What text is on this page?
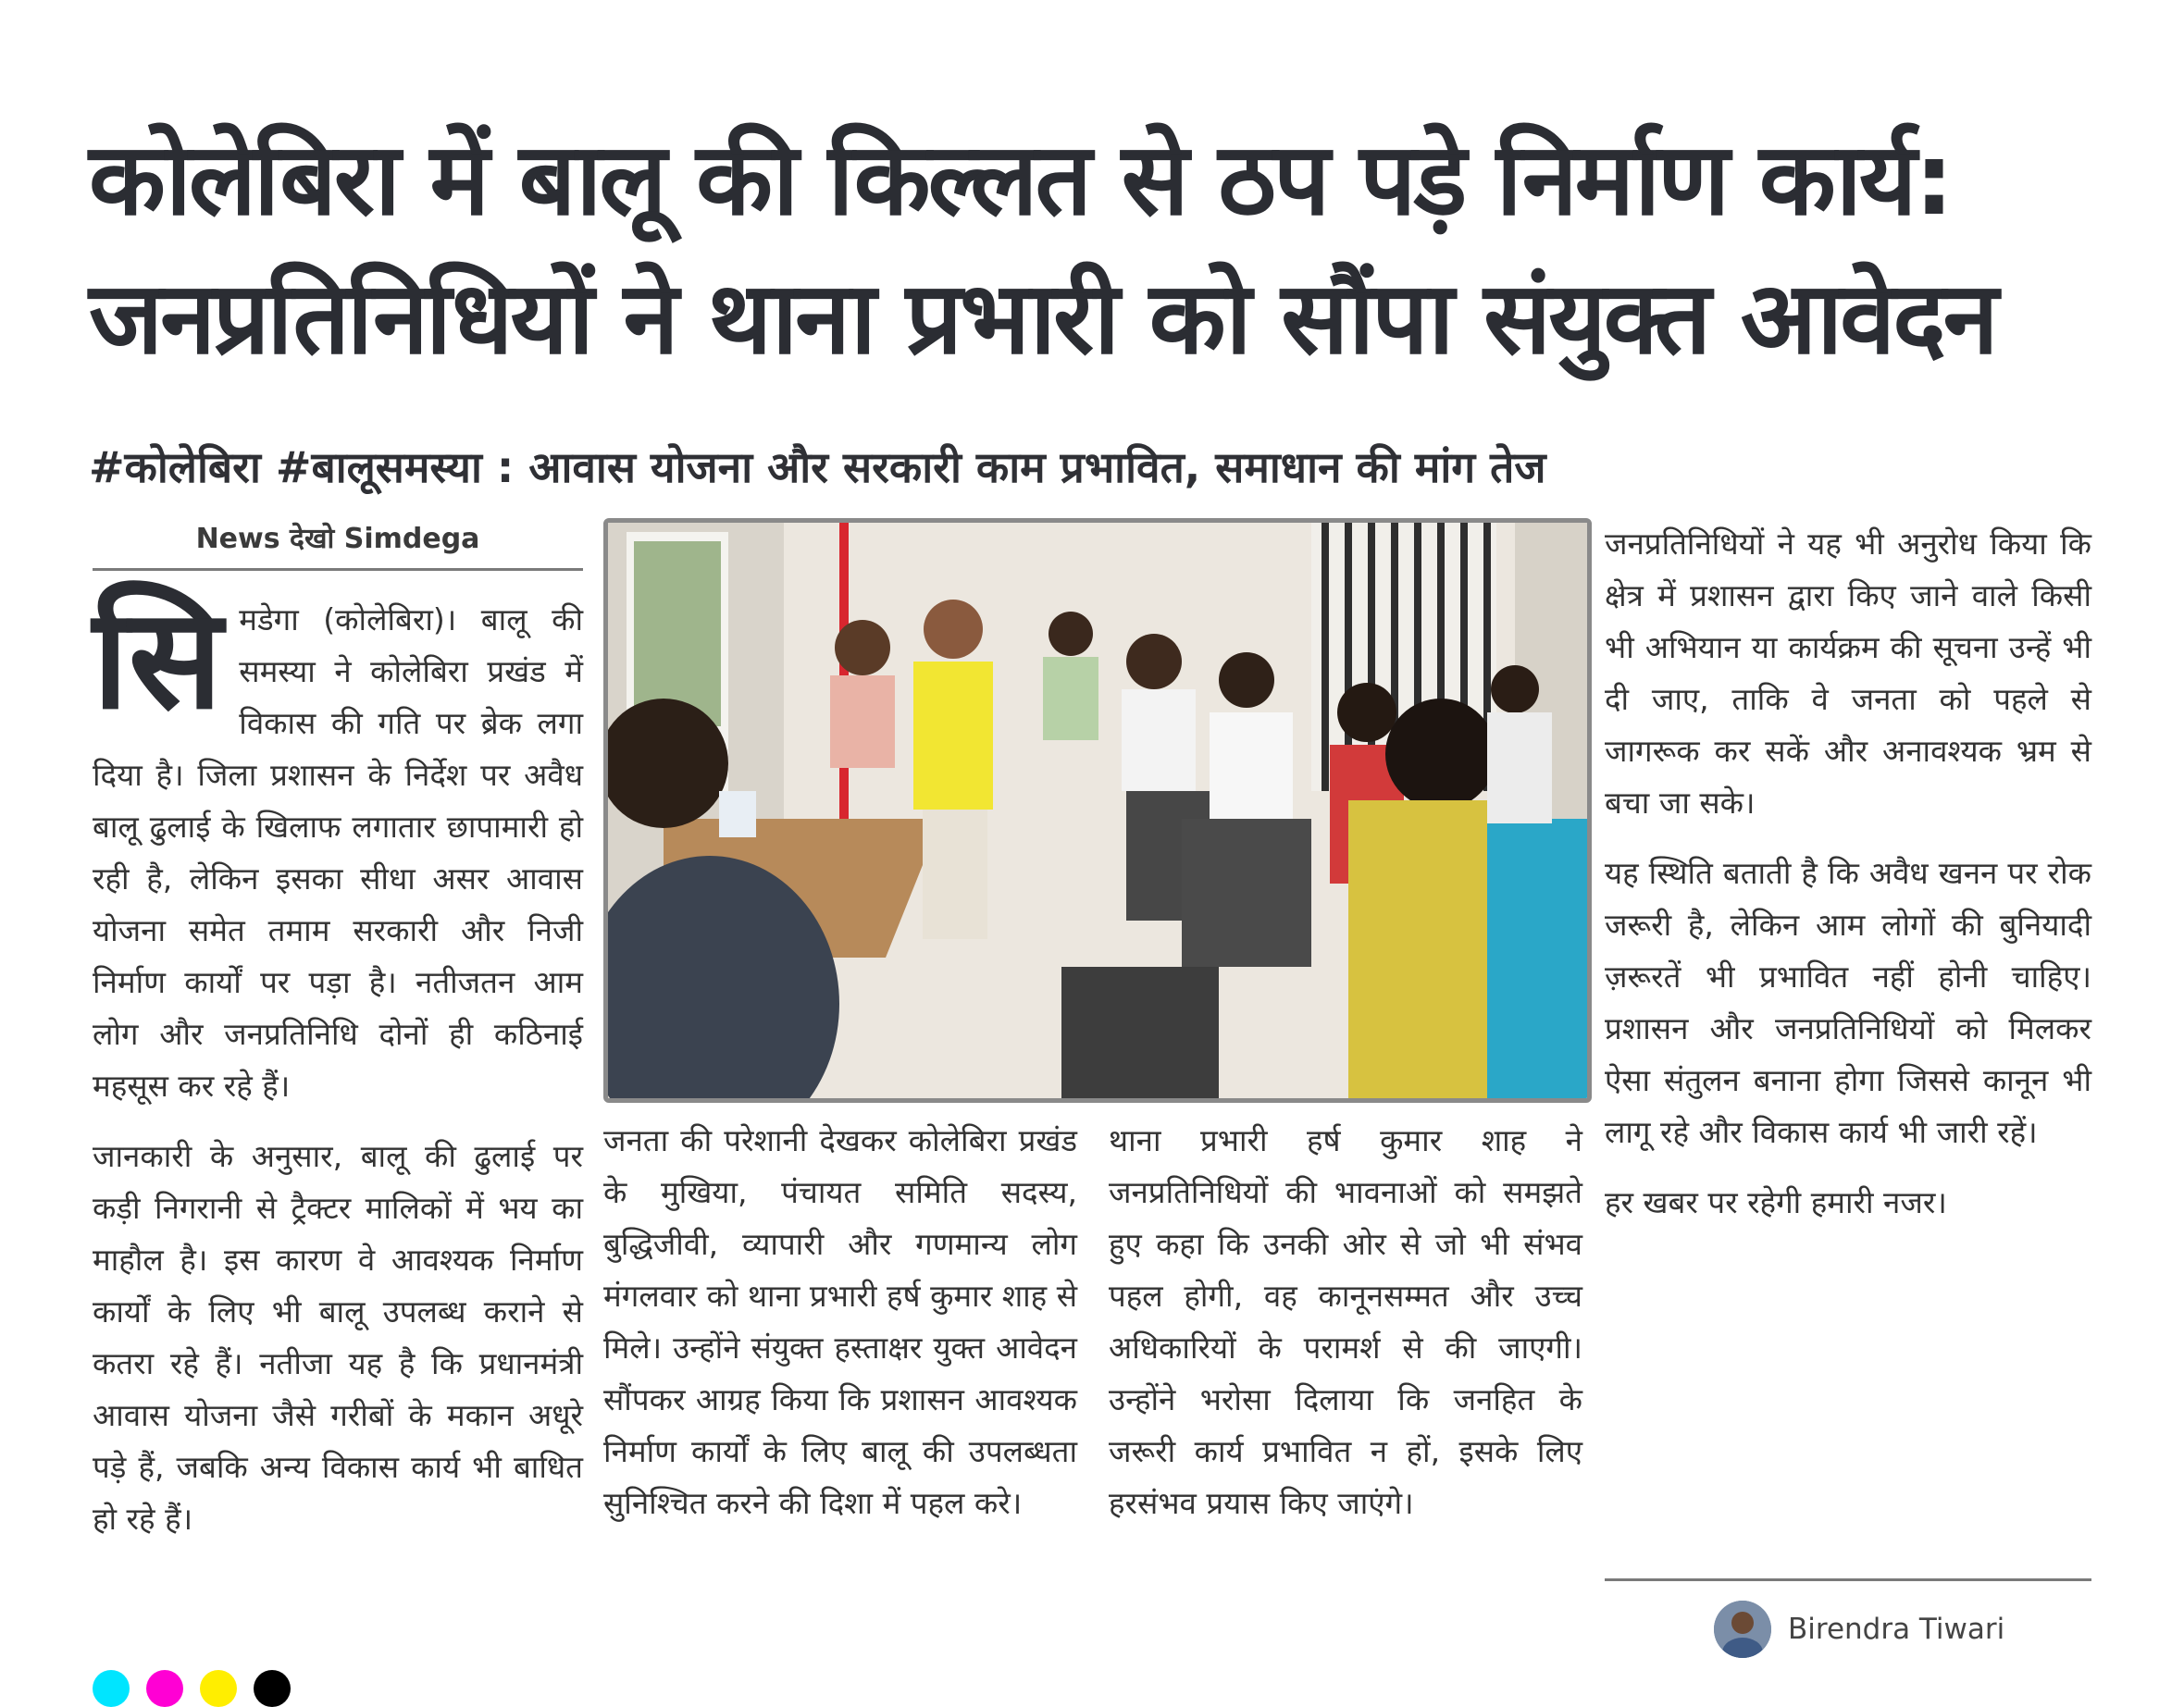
कोलेबिरा में बालू की किल्लत से ठप पड़े निर्माण कार्य:
जनप्रतिनिधियों ने थाना प्रभारी को सौंपा संयुक्त आवेदन
#कोलेबिरा #बालूसमस्या : आवास योजना और सरकारी काम प्रभावित, समाधान की मांग तेज
News देखो Simdega

सि मडेगा (कोलेबिरा)। बालू की समस्या ने कोलेबिरा प्रखंड में विकास की गति पर ब्रेक लगा दिया है। जिला प्रशासन के निर्देश पर अवैध बालू ढुलाई के खिलाफ लगातार छापामारी हो रही है, लेकिन इसका सीधा असर आवास योजना समेत तमाम सरकारी और निजी निर्माण कार्यों पर पड़ा है। नतीजतन आम लोग और जनप्रतिनिधि दोनों ही कठिनाई महसूस कर रहे हैं।

जानकारी के अनुसार, बालू की ढुलाई पर कड़ी निगरानी से ट्रैक्टर मालिकों में भय का माहौल है। इस कारण वे आवश्यक निर्माण कार्यों के लिए भी बालू उपलब्ध कराने से कतरा रहे हैं। नतीजा यह है कि प्रधानमंत्री आवास योजना जैसे गरीबों के मकान अधूरे पड़े हैं, जबकि अन्य विकास कार्य भी बाधित हो रहे हैं।

जनता की परेशानी देखकर कोलेबिरा प्रखंड के मुखिया, पंचायत समिति सदस्य, बुद्धिजीवी, व्यापारी और गणमान्य लोग मंगलवार को थाना प्रभारी हर्ष कुमार शाह से मिले। उन्होंने संयुक्त हस्ताक्षर युक्त आवेदन सौंपकर आग्रह किया कि प्रशासन आवश्यक निर्माण कार्यों के लिए बालू की उपलब्धता सुनिश्चित करने की दिशा में पहल करे।

थाना प्रभारी हर्ष कुमार शाह ने जनप्रतिनिधियों की भावनाओं को समझते हुए कहा कि उनकी ओर से जो भी संभव पहल होगी, वह कानूनसम्मत और उच्च अधिकारियों के परामर्श से की जाएगी। उन्होंने भरोसा दिलाया कि जनहित के जरूरी कार्य प्रभावित न हों, इसके लिए हरसंभव प्रयास किए जाएंगे।

जनप्रतिनिधियों ने यह भी अनुरोध किया कि क्षेत्र में प्रशासन द्वारा किए जाने वाले किसी भी अभियान या कार्यक्रम की सूचना उन्हें भी दी जाए, ताकि वे जनता को पहले से जागरूक कर सकें और अनावश्यक भ्रम से बचा जा सके।

यह स्थिति बताती है कि अवैध खनन पर रोक जरूरी है, लेकिन आम लोगों की बुनियादी ज़रूरतें भी प्रभावित नहीं होनी चाहिए। प्रशासन और जनप्रतिनिधियों को मिलकर ऐसा संतुलन बनाना होगा जिससे कानून भी लागू रहे और विकास कार्य भी जारी रहें।

हर खबर पर रहेगी हमारी नजर।

Birendra Tiwari
